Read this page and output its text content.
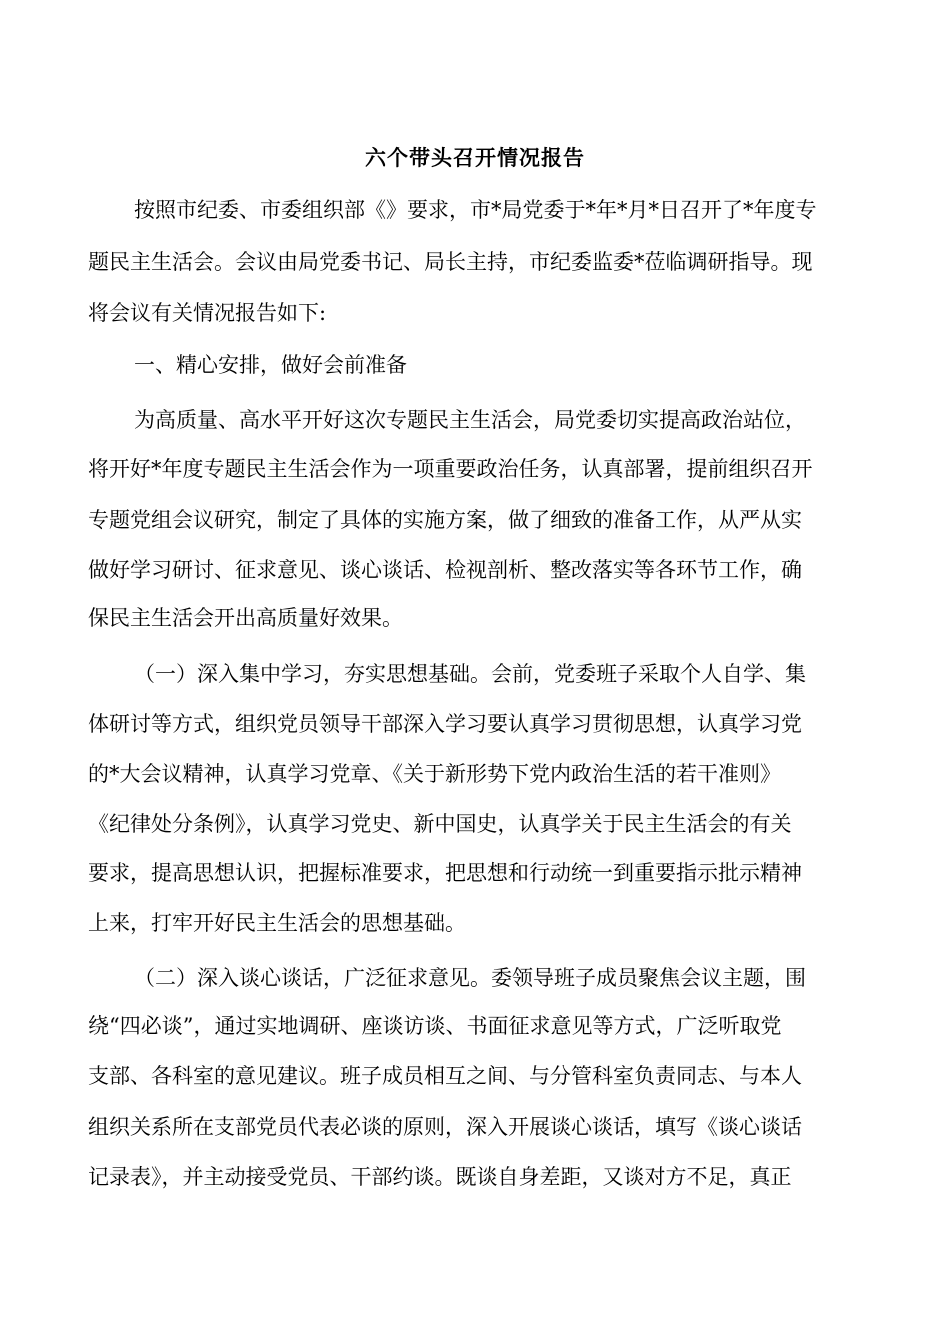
六个带头召开情况报告
按照市纪委、市委组织部《》要求，市*局党委于*年*月*日召开了*年度专
题民主生活会。会议由局党委书记、局长主持，市纪委监委*莅临调研指导。现
将会议有关情况报告如下:
一、精心安排，做好会前准备
为高质量、高水平开好这次专题民主生活会，局党委切实提高政治站位，
将开好*年度专题民主生活会作为一项重要政治任务，认真部署，提前组织召开
专题党组会议研究，制定了具体的实施方案，做了细致的准备工作，从严从实
做好学习研讨、征求意见、谈心谈话、检视剖析、整改落实等各环节工作，确
保民主生活会开出高质量好效果。
（一）深入集中学习，夯实思想基础。会前，党委班子采取个人自学、集
体研讨等方式，组织党员领导干部深入学习要认真学习贯彻思想，认真学习党
的*大会议精神，认真学习党章、《关于新形势下党内政治生活的若干准则》
《纪律处分条例》，认真学习党史、新中国史，认真学关于民主生活会的有关
要求，提高思想认识，把握标准要求，把思想和行动统一到重要指示批示精神
上来，打牢开好民主生活会的思想基础。
（二）深入谈心谈话，广泛征求意见。委领导班子成员聚焦会议主题，围
绕“四必谈”，通过实地调研、座谈访谈、书面征求意见等方式，广泛听取党
支部、各科室的意见建议。班子成员相互之间、与分管科室负责同志、与本人
组织关系所在支部党员代表必谈的原则，深入开展谈心谈话，填写《谈心谈话
记录表》，并主动接受党员、干部约谈。既谈自身差距，又谈对方不足，真正
